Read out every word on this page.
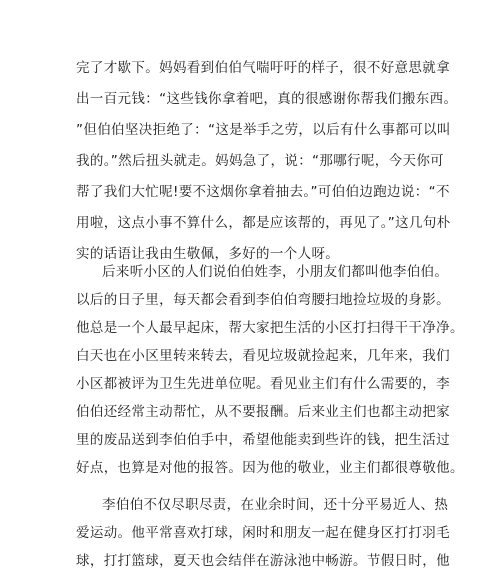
完了才歇下。妈妈看到伯伯气喘吁吁的样子，很不好意思就拿
出一百元钱：“这些钱你拿着吧，真的很感谢你帮我们搬东西。
”但伯伯坚决拒绝了：“这是举手之劳，以后有什么事都可以叫
我的。”然后扭头就走。妈妈急了，说：“那哪行呢，今天你可
帮了我们大忙呢!要不这烟你拿着抽去。”可伯伯边跑边说：“不
用啦，这点小事不算什么，都是应该帮的，再见了。”这几句朴
实的话语让我由生敬佩，多好的一个人呀。
后来听小区的人们说伯伯姓李，小朋友们都叫他李伯伯。
以后的日子里，每天都会看到李伯伯弯腰扫地捡垃圾的身影。
他总是一个人最早起床，帮大家把生活的小区打扫得干干净净。
白天也在小区里转来转去，看见垃圾就捡起来，几年来，我们
小区都被评为卫生先进单位呢。看见业主们有什么需要的，李
伯伯还经常主动帮忙，从不要报酬。后来业主们也都主动把家
里的废品送到李伯伯手中，希望他能卖到些许的钱，把生活过
好点，也算是对他的报答。因为他的敬业，业主们都很尊敬他。
李伯伯不仅尽职尽责，在业余时间，还十分平易近人、热
爱运动。他平常喜欢打球，闲时和朋友一起在健身区打打羽毛
球，打打篮球，夏天也会结伴在游泳池中畅游。节假日时，他
